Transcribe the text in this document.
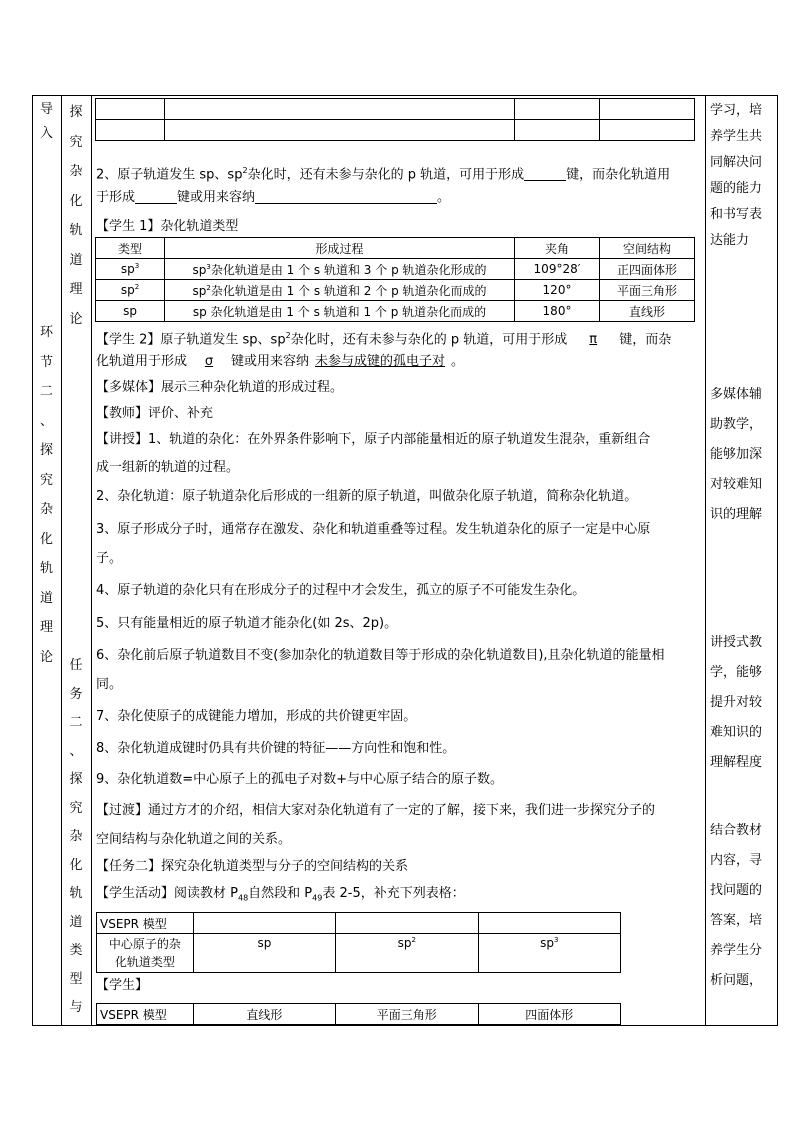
导
入
环
节
二
、
探
究
杂
化
轨
道
理
论
探
究
杂
化
轨
道
理
论
任
务
二
、
探
究
杂
化
轨
道
类
型
与

2、原子轨道发生 sp、$sp^2$杂化时，还有未参与杂化的 p 轨道，可用于形成	键，而杂化轨道用
于形成	键或用来容纳	。
【学生 1】杂化轨道类型
类型	形成过程	夹角	空间结构
$sp^3$	$sp^3$杂化轨道是由 1 个 s 轨道和 3 个 p 轨道杂化形成的	109°28′	正四面体形
$sp^2$	$sp^2$杂化轨道是由 1 个 s 轨道和 2 个 p 轨道杂化而成的	120°	平面三角形
sp	sp 杂化轨道是由 1 个 s 轨道和 1 个 p 轨道杂化而成的	180°	直线形
【学生 2】原子轨道发生 sp、$sp^2$杂化时，还有未参与杂化的 p 轨道，可用于形成 π 键，而杂
化轨道用于形成 σ 键或用来容纳 未参与成键的孤电子对 。
【多媒体】展示三种杂化轨道的形成过程。
【教师】评价、补充
【讲授】1、轨道的杂化：在外界条件影响下，原子内部能量相近的原子轨道发生混杂，重新组合
成一组新的轨道的过程。
2、杂化轨道：原子轨道杂化后形成的一组新的原子轨道，叫做杂化原子轨道，简称杂化轨道。
3、原子形成分子时，通常存在激发、杂化和轨道重叠等过程。发生轨道杂化的原子一定是中心原
子。
4、原子轨道的杂化只有在形成分子的过程中才会发生，孤立的原子不可能发生杂化。
5、只有能量相近的原子轨道才能杂化(如 2s、2p)。
6、杂化前后原子轨道数目不变(参加杂化的轨道数目等于形成的杂化轨道数目),且杂化轨道的能量相
同。
7、杂化使原子的成键能力增加，形成的共价键更牢固。
8、杂化轨道成键时仍具有共价键的特征——方向性和饱和性。
9、杂化轨道数=中心原子上的孤电子对数+与中心原子结合的原子数。
【过渡】通过方才的介绍，相信大家对杂化轨道有了一定的了解，接下来，我们进一步探究分子的
空间结构与杂化轨道之间的关系。
【任务二】探究杂化轨道类型与分子的空间结构的关系
【学生活动】阅读教材 $P_{48}$自然段和 $P_{49}$表 2-5，补充下列表格：
VSEPR 模型			

中心原子的杂
化轨道类型	sp	$sp^2$	$sp^3$
【学生】
VSEPR 模型	直线形	平面三角形	四面体形
学习，培
养学生共
同解决问
题的能力
和书写表
达能力
多媒体辅
助教学，
能够加深
对较难知
识的理解
讲授式教
学，能够
提升对较
难知识的
理解程度
结合教材
内容，寻
找问题的
答案，培
养学生分
析问题，
